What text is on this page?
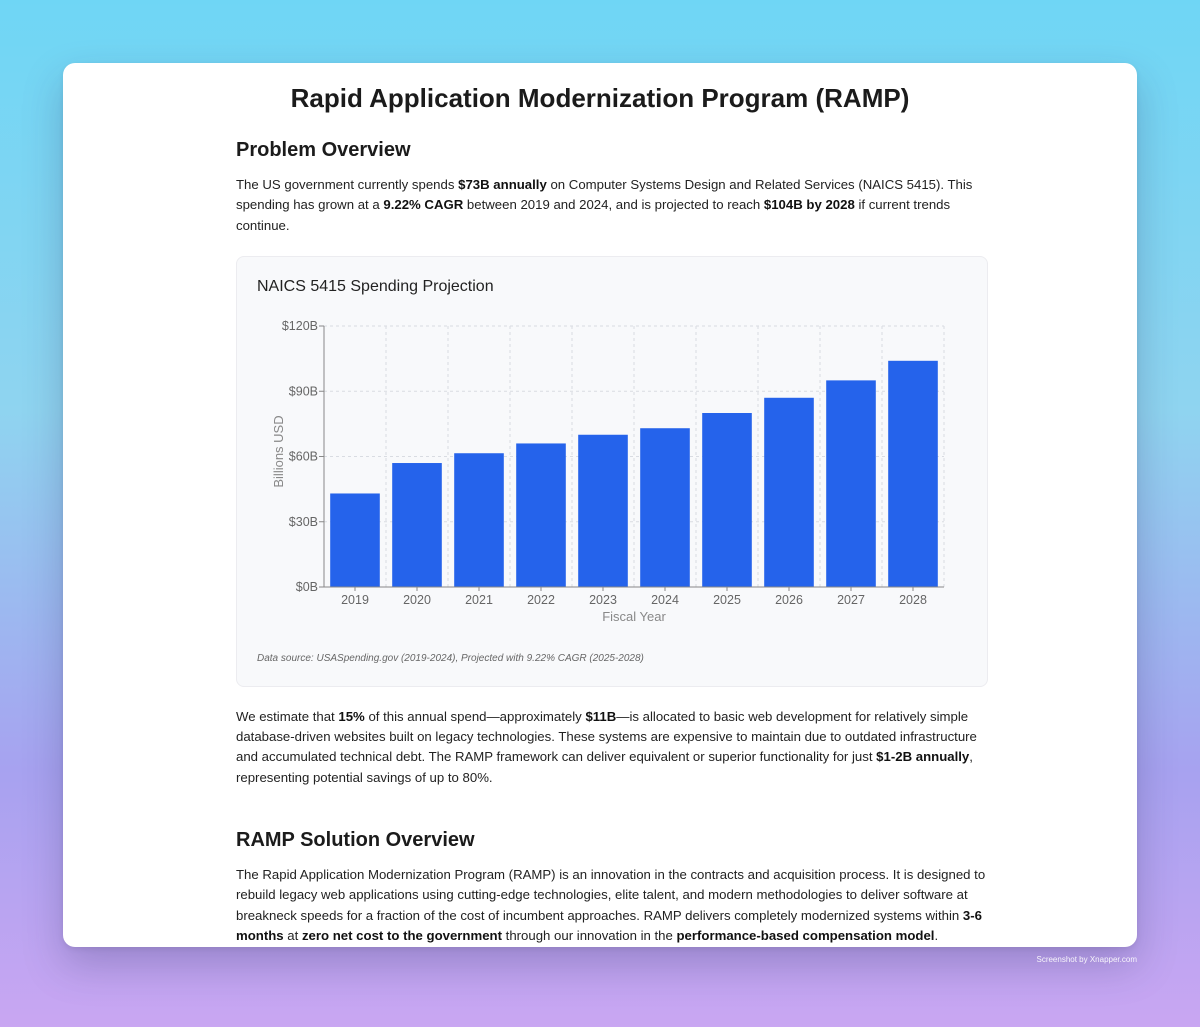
Rapid Application Modernization Program (RAMP)
Problem Overview

The US government currently spends $73B annually on Computer Systems Design and Related Services (NAICS 5415). This spending has grown at a 9.22% CAGR between 2019 and 2024, and is projected to reach $104B by 2028 if current trends continue.

NAICS 5415 Spending Projection
$0B
$30B
$60B
$90B
$120B
2019	2020	2021	2022	2023	2024	2025	2026	2027	2028
Fiscal Year
Billions USD
Data source: USASpending.gov (2019-2024), Projected with 9.22% CAGR (2025-2028)

We estimate that 15% of this annual spend—approximately $11B—is allocated to basic web development for relatively simple database-driven websites built on legacy technologies. These systems are expensive to maintain due to outdated infrastructure and accumulated technical debt. The RAMP framework can deliver equivalent or superior functionality for just $1-2B annually, representing potential savings of up to 80%.

RAMP Solution Overview

The Rapid Application Modernization Program (RAMP) is an innovation in the contracts and acquisition process. It is designed to rebuild legacy web applications using cutting-edge technologies, elite talent, and modern methodologies to deliver software at breakneck speeds for a fraction of the cost of incumbent approaches. RAMP delivers completely modernized systems within 3-6 months at zero net cost to the government through our innovation in the performance-based compensation model.

Screenshot by Xnapper.com
